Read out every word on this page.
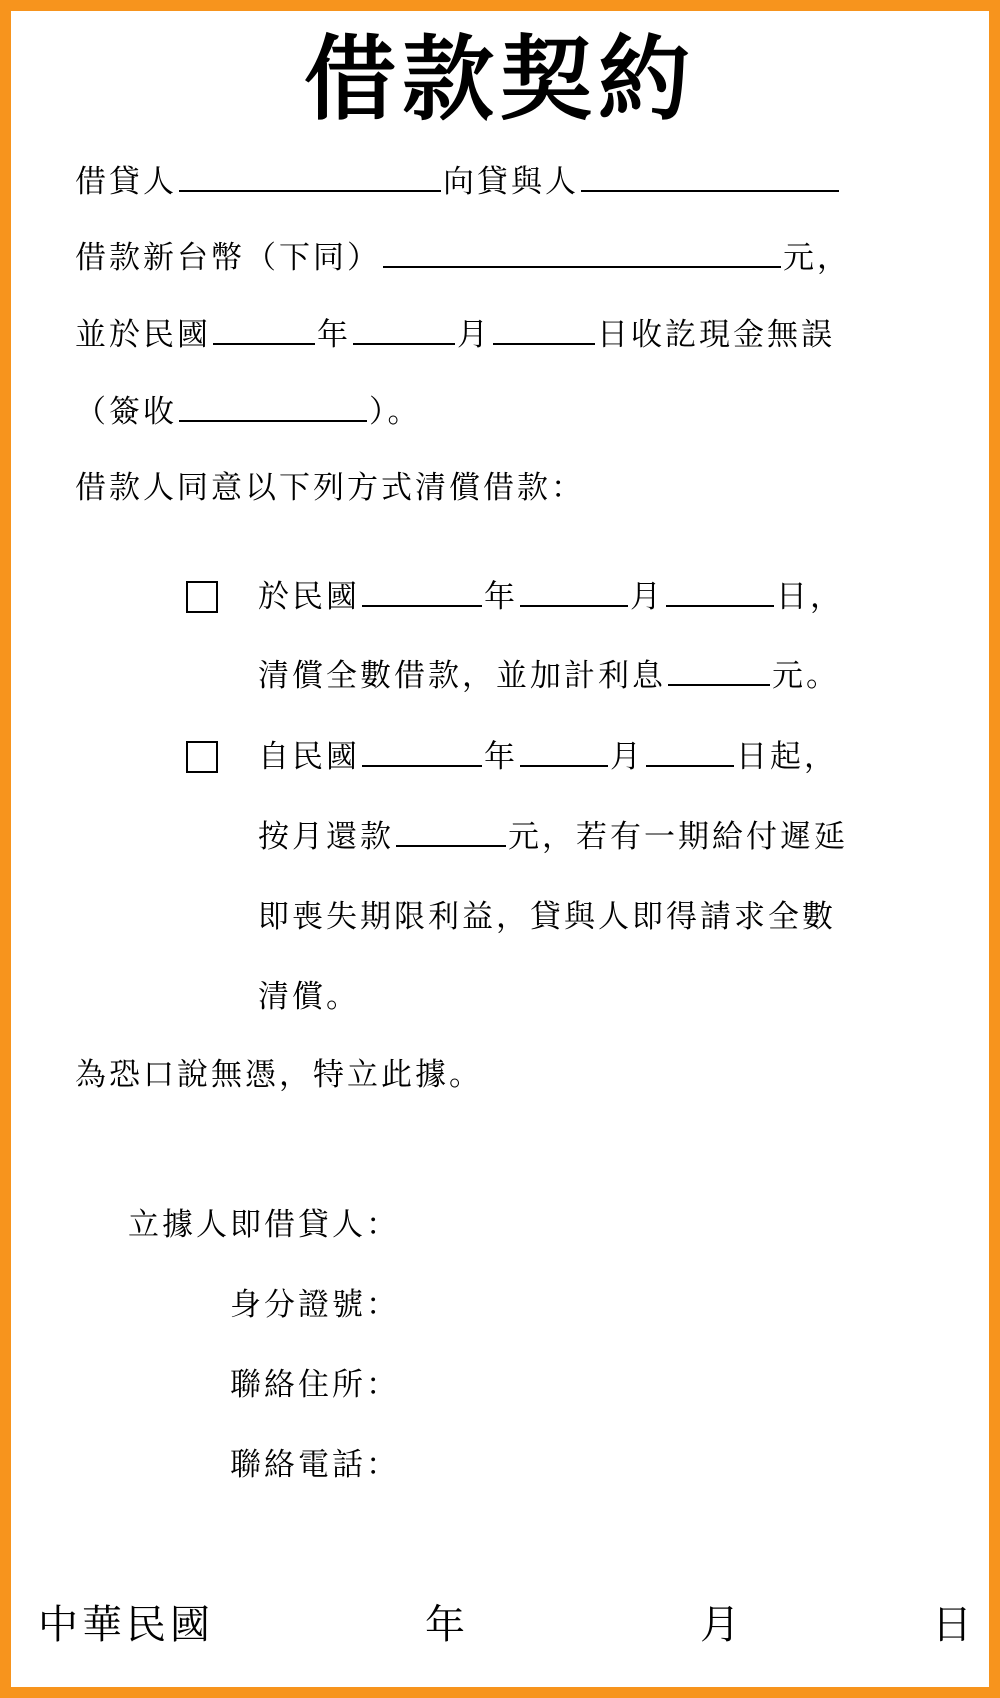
借款契約
借貸人	向貸與人
借款新台幣（下同）	元，
並於民國	年	月	日收訖現金無誤
（簽收	）。
借款人同意以下列方式清償借款：
於民國	年	月	日，
清償全數借款，並加計利息	元。
自民國	年	月	日起，
按月還款	元，若有一期給付遲延
即喪失期限利益，貸與人即得請求全數
清償。
為恐口說無憑，特立此據。
立據人即借貸人：
身分證號：
聯絡住所：
聯絡電話：
中華民國	年	月	日
